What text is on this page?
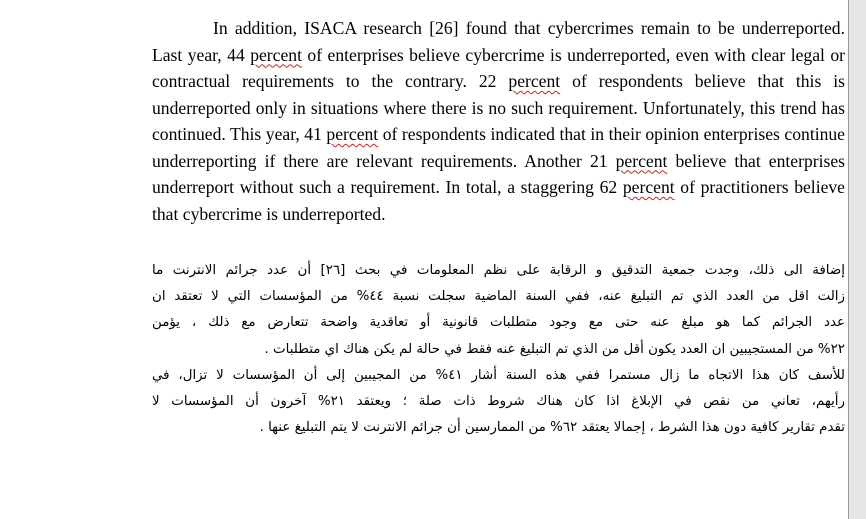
In addition, ISACA research [26] found that cybercrimes remain to be underreported. Last year, 44 percent of enterprises believe cybercrime is underreported, even with clear legal or contractual requirements to the contrary. 22 percent of respondents believe that this is underreported only in situations where there is no such requirement. Unfortunately, this trend has continued. This year, 41 percent of respondents indicated that in their opinion enterprises continue underreporting if there are relevant requirements. Another 21 percent believe that enterprises underreport without such a requirement. In total, a staggering 62 percent of practitioners believe that cybercrime is underreported.

إضافة الى ذلك، وجدت جمعية التدقيق و الرقابة على نظم المعلومات في بحث [٢٦] أن عدد جرائم الانترنت ما
زالت اقل من العدد الذي تم التبليغ عنه، ففي السنة الماضية سجلت نسبة ٤٤% من المؤسسات التي لا تعتقد ان
عدد الجرائم كما هو مبلغ عنه حتى مع وجود متطلبات قانونية أو تعاقدية واضحة تتعارض مع ذلك ، يؤمن
٢٢% من المستجيبين ان العدد يكون أقل من الذي تم التبليغ عنه فقط في حالة لم يكن هناك اي متطلبات .
للأسف كان هذا الاتجاه ما زال مستمرا ففي هذه السنة أشار ٤١% من المجيبين إلى أن المؤسسات لا تزال، في
رأيهم، تعاني من نقص في الإبلاغ اذا كان هناك شروط ذات صلة ؛ ويعتقد ٢١% آخرون أن المؤسسات لا
تقدم تقارير كافية دون هذا الشرط ، إجمالا يعتقد ٦٢% من الممارسين أن جرائم الانترنت لا يتم التبليغ عنها .
